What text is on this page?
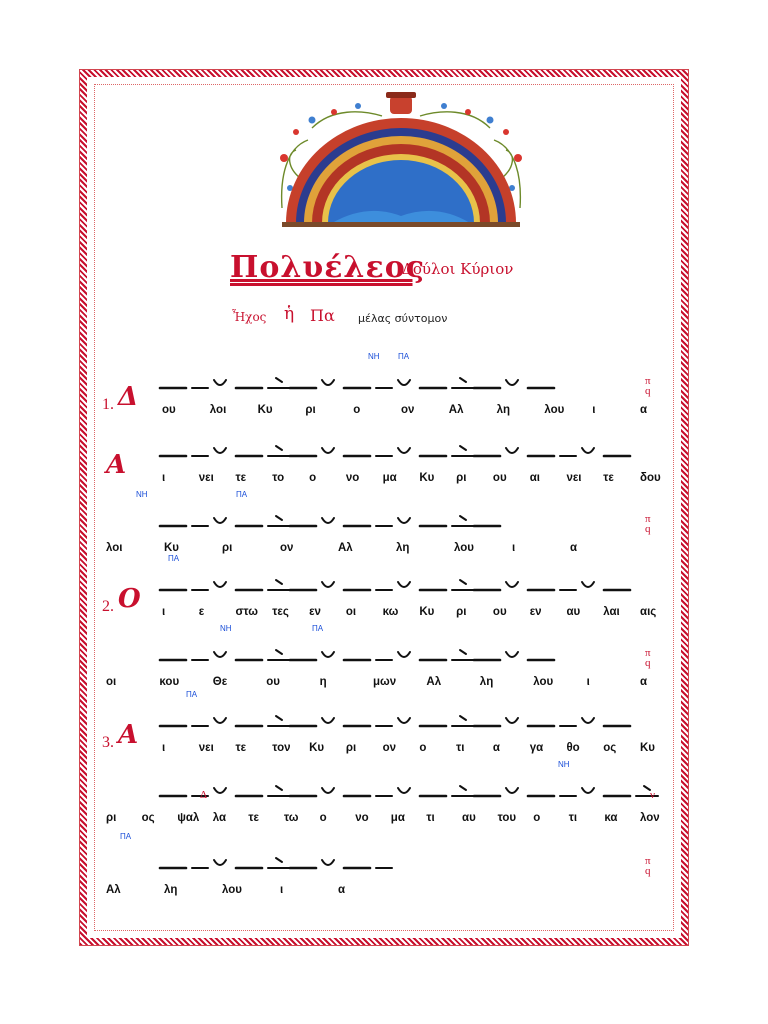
Πολυέλεος
Δούλοι Κύριον
Ἦχος ἡ Πα μέλας σύντομον
1. Δ ου	λοι	Κυ	ρι	ο	ον	Αλ	λη	λου ι	α
ΝΗ ΠΑ
π
q
Α	ι	νει τε το ο	νο μα Κυ ρι ου αι νει τε δου
λοι	Κυ	ρι	ον	Αλ	λη	λου	ι	α
ΝΗ	ΠΑ
π
q
2. Ο ι	ε	στω τες εν οι κω Κυ ρι ου εν αυ λαι αις
ΠΑ
οι	κου	Θε	ου	η	μων	Αλ	λη	λου	ι	α
ΝΗ	ΠΑ
π
q
3. Α ι	νει τε τον Κυ ρι ον ο	τι α	γα θο ος Κυ
ΠΑ
ρι ος ψαλ λα τε τω ο νο μα τι αυ του ο τι κα λον
ΝΗ
Δ	ν
Αλ	λη	λου	ι	α
ΠΑ
π
q
